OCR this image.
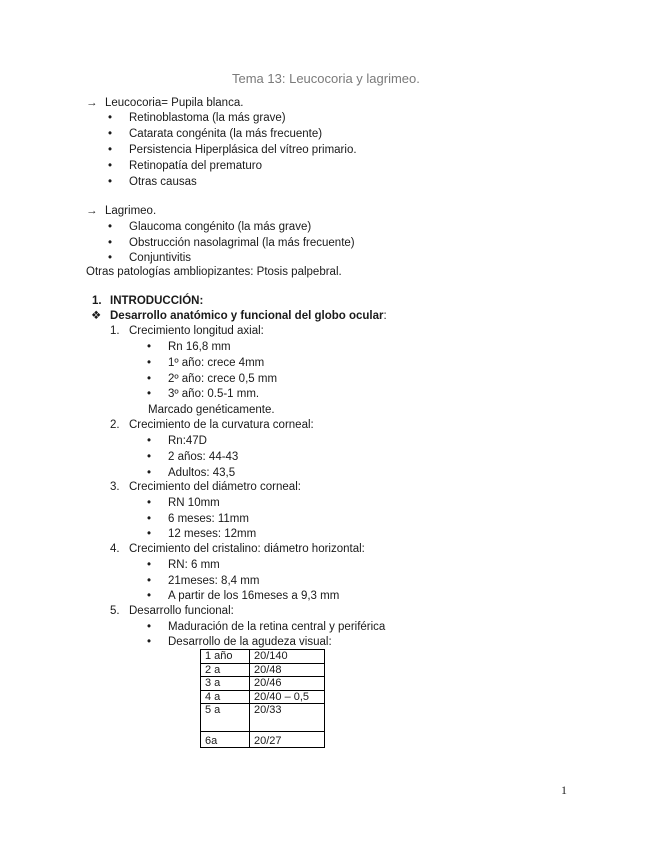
Tema 13: Leucocoria y lagrimeo.
→ Leucocoria= Pupila blanca.
• Retinoblastoma (la más grave)
• Catarata congénita (la más frecuente)
• Persistencia Hiperplásica del vítreo primario.
• Retinopatía del prematuro
• Otras causas
→ Lagrimeo.
• Glaucoma congénito (la más grave)
• Obstrucción nasolagrimal (la más frecuente)
• Conjuntivitis
Otras patologías ambliopizantes: Ptosis palpebral.
1. INTRODUCCIÓN:
❖ Desarrollo anatómico y funcional del globo ocular:
1. Crecimiento longitud axial:
• Rn 16,8 mm
• 1º año: crece 4mm
• 2º año: crece 0,5 mm
• 3º año: 0.5-1 mm.
Marcado genéticamente.
2. Crecimiento de la curvatura corneal:
• Rn:47D
• 2 años: 44-43
• Adultos: 43,5
3. Crecimiento del diámetro corneal:
• RN 10mm
• 6 meses: 11mm
• 12 meses: 12mm
4. Crecimiento del cristalino: diámetro horizontal:
• RN: 6 mm
• 21meses: 8,4 mm
• A partir de los 16meses a 9,3 mm
5. Desarrollo funcional:
• Maduración de la retina central y periférica
• Desarrollo de la agudeza visual:
1 año	20/140
2 a	20/48
3 a	20/46
4 a	20/40 – 0,5
5 a	20/33
6a	20/27
1
